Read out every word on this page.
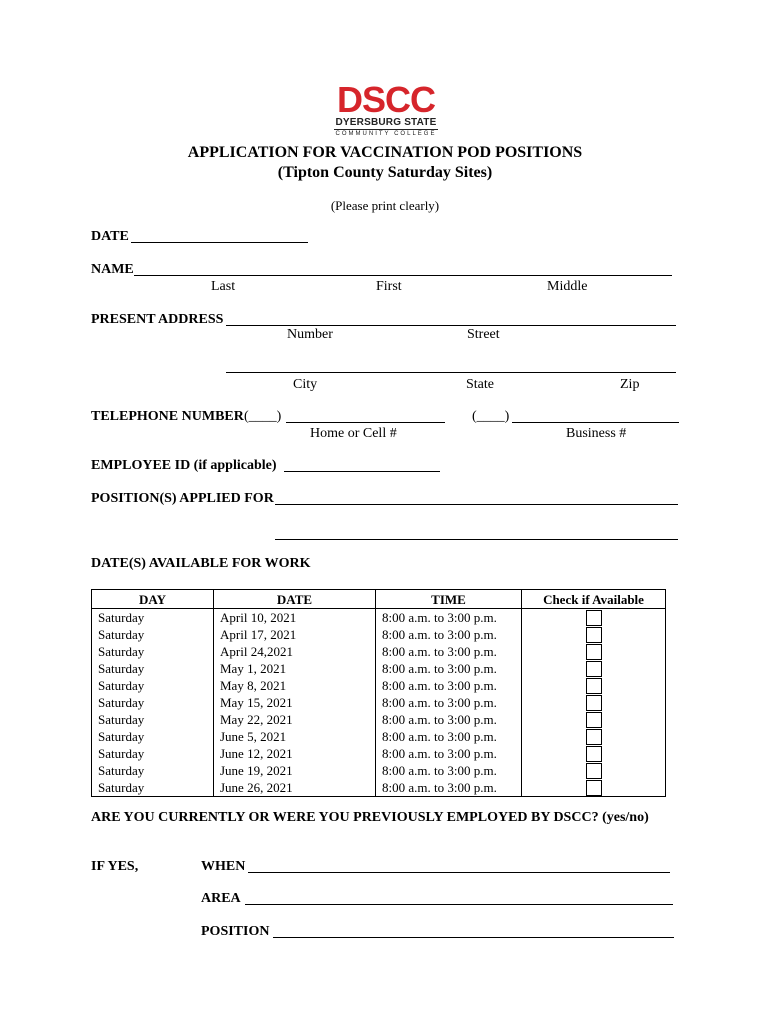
DSCC
DYERSBURG STATE
COMMUNITY COLLEGE
APPLICATION FOR VACCINATION POD POSITIONS
(Tipton County Saturday Sites)
(Please print clearly)
DATE
NAME
Last	First	Middle
PRESENT ADDRESS
Number	Street
City	State	Zip
TELEPHONE NUMBER (____)	(____)
Home or Cell #	Business #
EMPLOYEE ID (if applicable)
POSITION(S) APPLIED FOR
DATE(S) AVAILABLE FOR WORK
DAY	DATE	TIME	Check if Available
Saturday	April 10, 2021	8:00 a.m. to 3:00 p.m.	
Saturday	April 17, 2021	8:00 a.m. to 3:00 p.m.	
Saturday	April 24,2021	8:00 a.m. to 3:00 p.m.	
Saturday	May 1, 2021	8:00 a.m. to 3:00 p.m.	
Saturday	May 8, 2021	8:00 a.m. to 3:00 p.m.	
Saturday	May 15, 2021	8:00 a.m. to 3:00 p.m.	
Saturday	May 22, 2021	8:00 a.m. to 3:00 p.m.	
Saturday	June 5, 2021	8:00 a.m. to 3:00 p.m.	
Saturday	June 12, 2021	8:00 a.m. to 3:00 p.m.	
Saturday	June 19, 2021	8:00 a.m. to 3:00 p.m.	
Saturday	June 26, 2021	8:00 a.m. to 3:00 p.m.	
ARE YOU CURRENTLY OR WERE YOU PREVIOUSLY EMPLOYED BY DSCC? (yes/no)
IF YES,	WHEN
AREA
POSITION
